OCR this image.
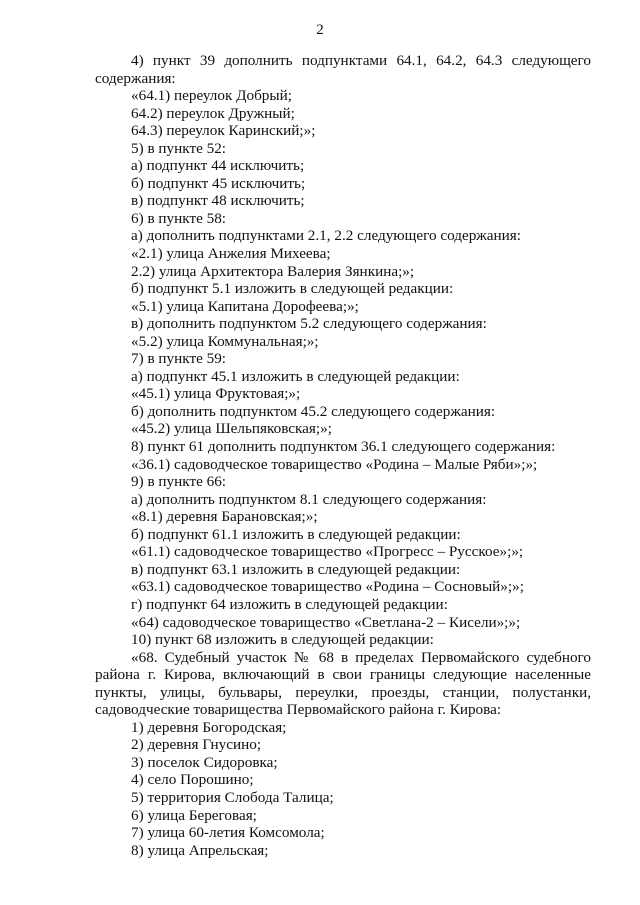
2
4) пункт 39 дополнить подпунктами 64.1, 64.2, 64.3 следующего
содержания:
«64.1) переулок Добрый;
64.2) переулок Дружный;
64.3) переулок Каринский;»;
5) в пункте 52:
а) подпункт 44 исключить;
б) подпункт 45 исключить;
в) подпункт 48 исключить;
6) в пункте 58:
а) дополнить подпунктами 2.1, 2.2 следующего содержания:
«2.1) улица Анжелия Михеева;
2.2) улица Архитектора Валерия Зянкина;»;
б) подпункт 5.1 изложить в следующей редакции:
«5.1) улица Капитана Дорофеева;»;
в) дополнить подпунктом 5.2 следующего содержания:
«5.2) улица Коммунальная;»;
7) в пункте 59:
а) подпункт 45.1 изложить в следующей редакции:
«45.1) улица Фруктовая;»;
б) дополнить подпунктом 45.2 следующего содержания:
«45.2) улица Шельпяковская;»;
8) пункт 61 дополнить подпунктом 36.1 следующего содержания:
«36.1) садоводческое товарищество «Родина – Малые Ряби»;»;
9) в пункте 66:
а) дополнить подпунктом 8.1 следующего содержания:
«8.1) деревня Барановская;»;
б) подпункт 61.1 изложить в следующей редакции:
«61.1) садоводческое товарищество «Прогресс – Русское»;»;
в) подпункт 63.1 изложить в следующей редакции:
«63.1) садоводческое товарищество «Родина – Сосновый»;»;
г) подпункт 64 изложить в следующей редакции:
«64) садоводческое товарищество «Светлана-2 – Кисели»;»;
10) пункт 68 изложить в следующей редакции:
«68. Судебный участок № 68 в пределах Первомайского судебного
района г. Кирова, включающий в свои границы следующие населенные
пункты, улицы, бульвары, переулки, проезды, станции, полустанки,
садоводческие товарищества Первомайского района г. Кирова:
1) деревня Богородская;
2) деревня Гнусино;
3) поселок Сидоровка;
4) село Порошино;
5) территория Слобода Талица;
6) улица Береговая;
7) улица 60-летия Комсомола;
8) улица Апрельская;
